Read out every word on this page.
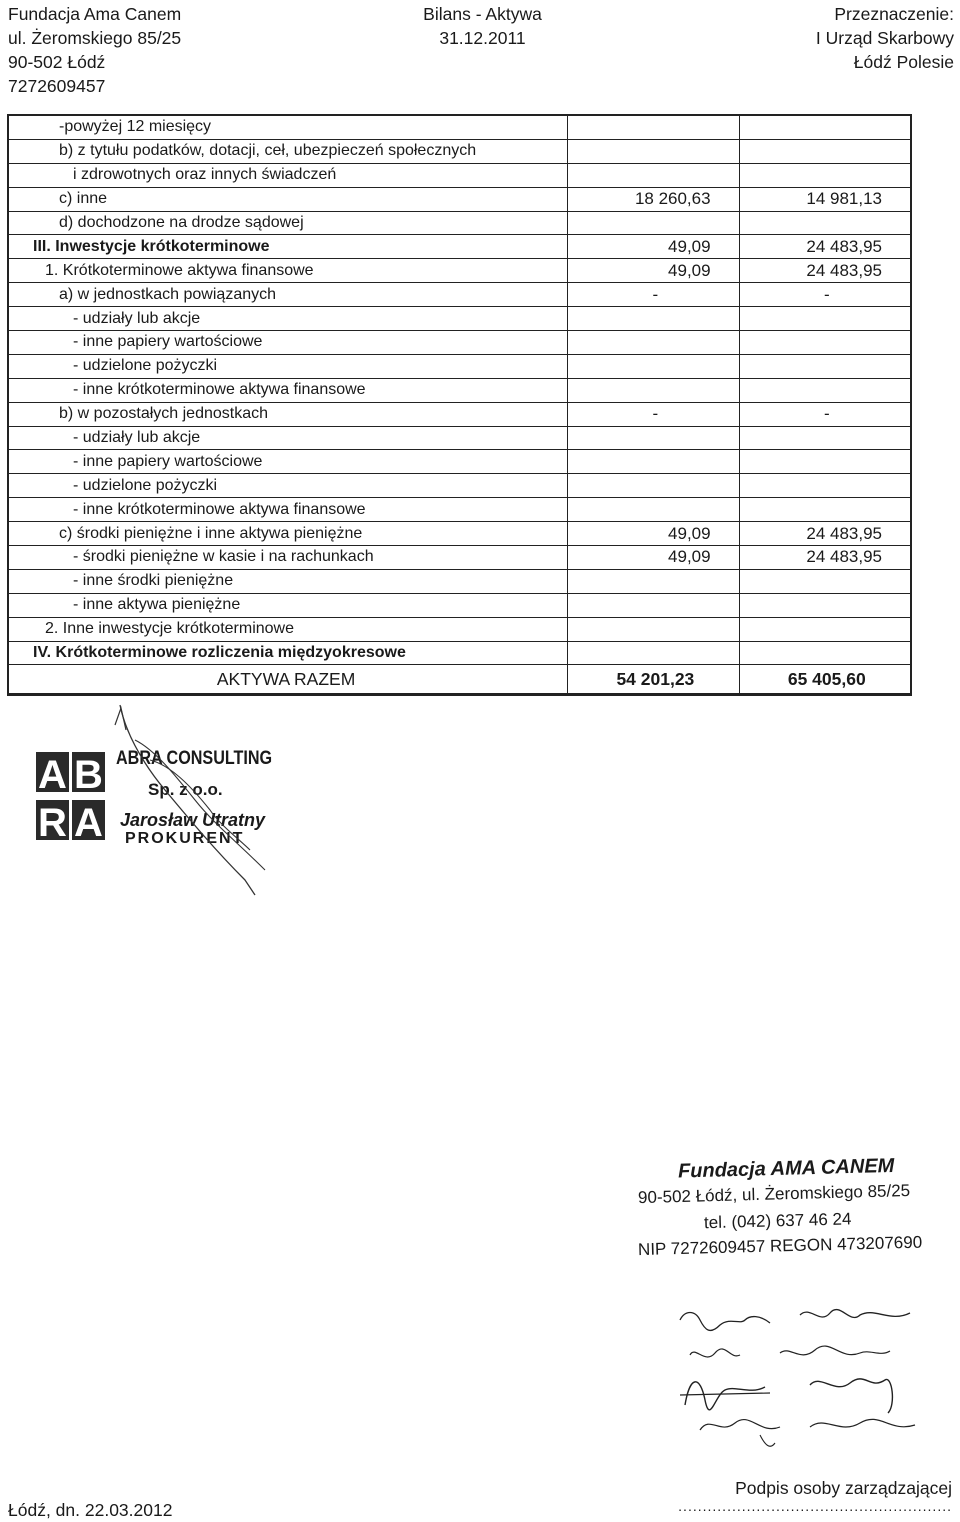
Fundacja Ama Canem
ul. Żeromskiego 85/25
90-502 Łódź
7272609457
Bilans - Aktywa
31.12.2011
Przeznaczenie:
I Urząd Skarbowy
Łódź Polesie
-powyżej 12 miesięcy		
b) z tytułu podatków, dotacji, ceł, ubezpieczeń społecznych		
i zdrowotnych oraz innych świadczeń		
c) inne	18 260,63	14 981,13
d) dochodzone na drodze sądowej		
III. Inwestycje krótkoterminowe	49,09	24 483,95
1. Krótkoterminowe aktywa finansowe	49,09	24 483,95
a) w jednostkach powiązanych	-	-
- udziały lub akcje		
- inne papiery wartościowe		
- udzielone pożyczki		
- inne krótkoterminowe aktywa finansowe		
b) w pozostałych jednostkach	-	-
- udziały lub akcje		
- inne papiery wartościowe		
- udzielone pożyczki		
- inne krótkoterminowe aktywa finansowe		
c) środki pieniężne i inne aktywa pieniężne	49,09	24 483,95
- środki pieniężne w kasie i na rachunkach	49,09	24 483,95
- inne środki pieniężne		
- inne aktywa pieniężne		
2. Inne inwestycje krótkoterminowe		
IV. Krótkoterminowe rozliczenia międzyokresowe		
AKTYWA RAZEM	54 201,23	65 405,60
A B
R A
ABRA CONSULTING
Sp. z o.o.
Jarosław Utratny
PROKURENT
Fundacja AMA CANEM
90-502 Łódź, ul. Żeromskiego 85/25
tel. (042) 637 46 24
NIP 7272609457 REGON 473207690
Łódź, dn. 22.03.2012
Podpis osoby zarządzającej
........................................................
